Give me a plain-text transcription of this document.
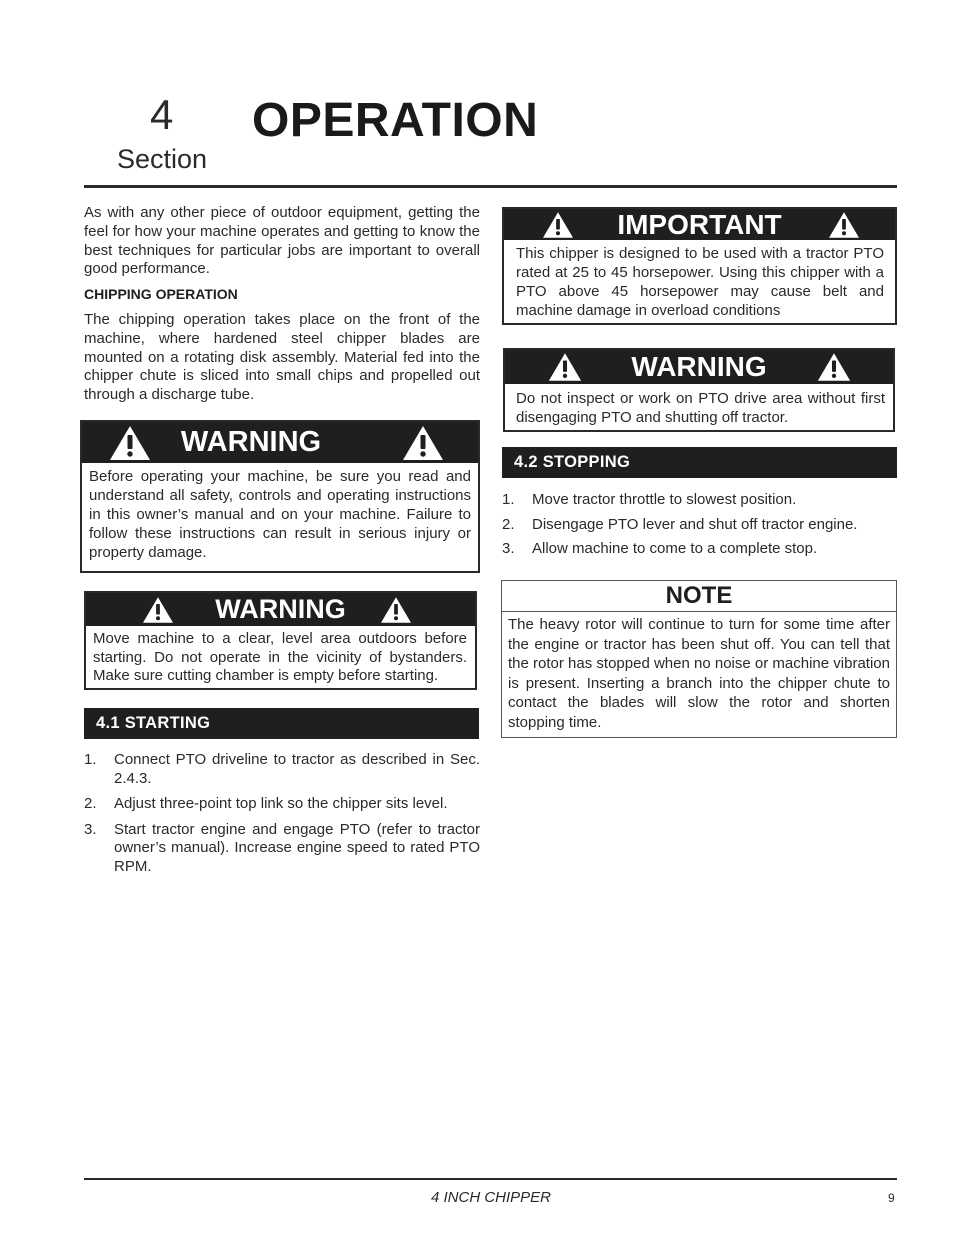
4
Section
OPERATION

As with any other piece of outdoor equipment, getting the feel for how your machine operates and getting to know the best techniques for particular jobs are important to overall good performance.

CHIPPING OPERATION

The chipping operation takes place on the front of the machine, where hardened steel chipper blades are mounted on a rotating disk assembly. Material fed into the chipper chute is sliced into small chips and propelled out through a discharge tube.

WARNING
Before operating your machine, be sure you read and understand all safety, controls and operating instructions in this owner’s manual and on your machine. Failure to follow these instructions can result in serious injury or property damage.
WARNING
Move machine to a clear, level area outdoors before starting. Do not operate in the vicinity of bystanders. Make sure cutting chamber is empty before starting.
4.1 STARTING
1. Connect PTO driveline to tractor as described in Sec. 2.4.3.
2. Adjust three-point top link so the chipper sits level.
3. Start tractor engine and engage PTO (refer to tractor owner’s manual). Increase engine speed to rated PTO RPM.
IMPORTANT
This chipper is designed to be used with a tractor PTO rated at 25 to 45 horsepower. Using this chipper with a PTO above 45 horsepower may cause belt and machine damage in overload conditions
WARNING
Do not inspect or work on PTO drive area without first disengaging PTO and shutting off tractor.
4.2 STOPPING
1. Move tractor throttle to slowest position.
2. Disengage PTO lever and shut off tractor engine.
3. Allow machine to come to a complete stop.
NOTE
The heavy rotor will continue to turn for some time after the engine or tractor has been shut off. You can tell that the rotor has stopped when no noise or machine vibration is present. Inserting a branch into the chipper chute to contact the blades will slow the rotor and shorten stopping time.
4 INCH CHIPPER	9
